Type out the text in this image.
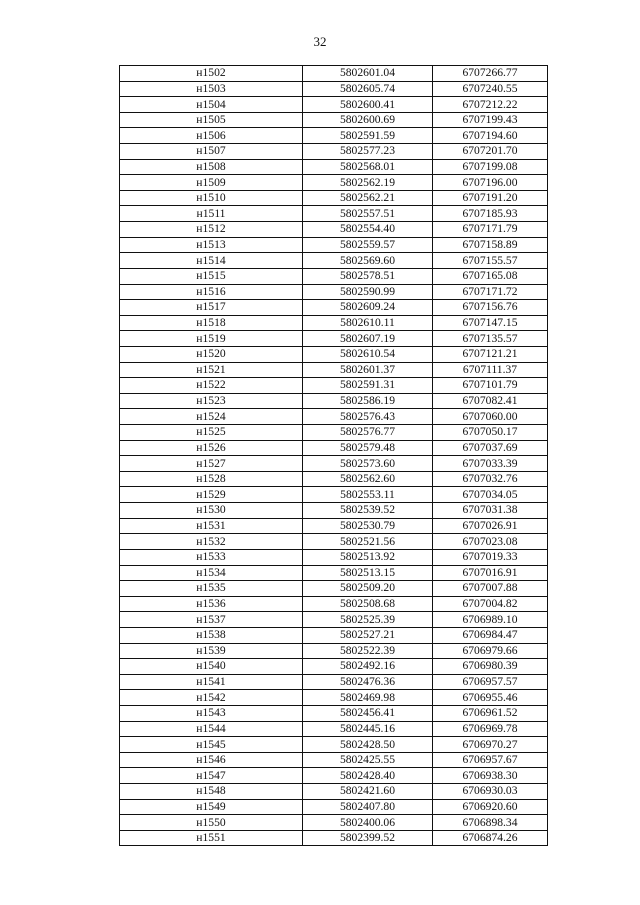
32
н1502	5802601.04	6707266.77
н1503	5802605.74	6707240.55
н1504	5802600.41	6707212.22
н1505	5802600.69	6707199.43
н1506	5802591.59	6707194.60
н1507	5802577.23	6707201.70
н1508	5802568.01	6707199.08
н1509	5802562.19	6707196.00
н1510	5802562.21	6707191.20
н1511	5802557.51	6707185.93
н1512	5802554.40	6707171.79
н1513	5802559.57	6707158.89
н1514	5802569.60	6707155.57
н1515	5802578.51	6707165.08
н1516	5802590.99	6707171.72
н1517	5802609.24	6707156.76
н1518	5802610.11	6707147.15
н1519	5802607.19	6707135.57
н1520	5802610.54	6707121.21
н1521	5802601.37	6707111.37
н1522	5802591.31	6707101.79
н1523	5802586.19	6707082.41
н1524	5802576.43	6707060.00
н1525	5802576.77	6707050.17
н1526	5802579.48	6707037.69
н1527	5802573.60	6707033.39
н1528	5802562.60	6707032.76
н1529	5802553.11	6707034.05
н1530	5802539.52	6707031.38
н1531	5802530.79	6707026.91
н1532	5802521.56	6707023.08
н1533	5802513.92	6707019.33
н1534	5802513.15	6707016.91
н1535	5802509.20	6707007.88
н1536	5802508.68	6707004.82
н1537	5802525.39	6706989.10
н1538	5802527.21	6706984.47
н1539	5802522.39	6706979.66
н1540	5802492.16	6706980.39
н1541	5802476.36	6706957.57
н1542	5802469.98	6706955.46
н1543	5802456.41	6706961.52
н1544	5802445.16	6706969.78
н1545	5802428.50	6706970.27
н1546	5802425.55	6706957.67
н1547	5802428.40	6706938.30
н1548	5802421.60	6706930.03
н1549	5802407.80	6706920.60
н1550	5802400.06	6706898.34
н1551	5802399.52	6706874.26
